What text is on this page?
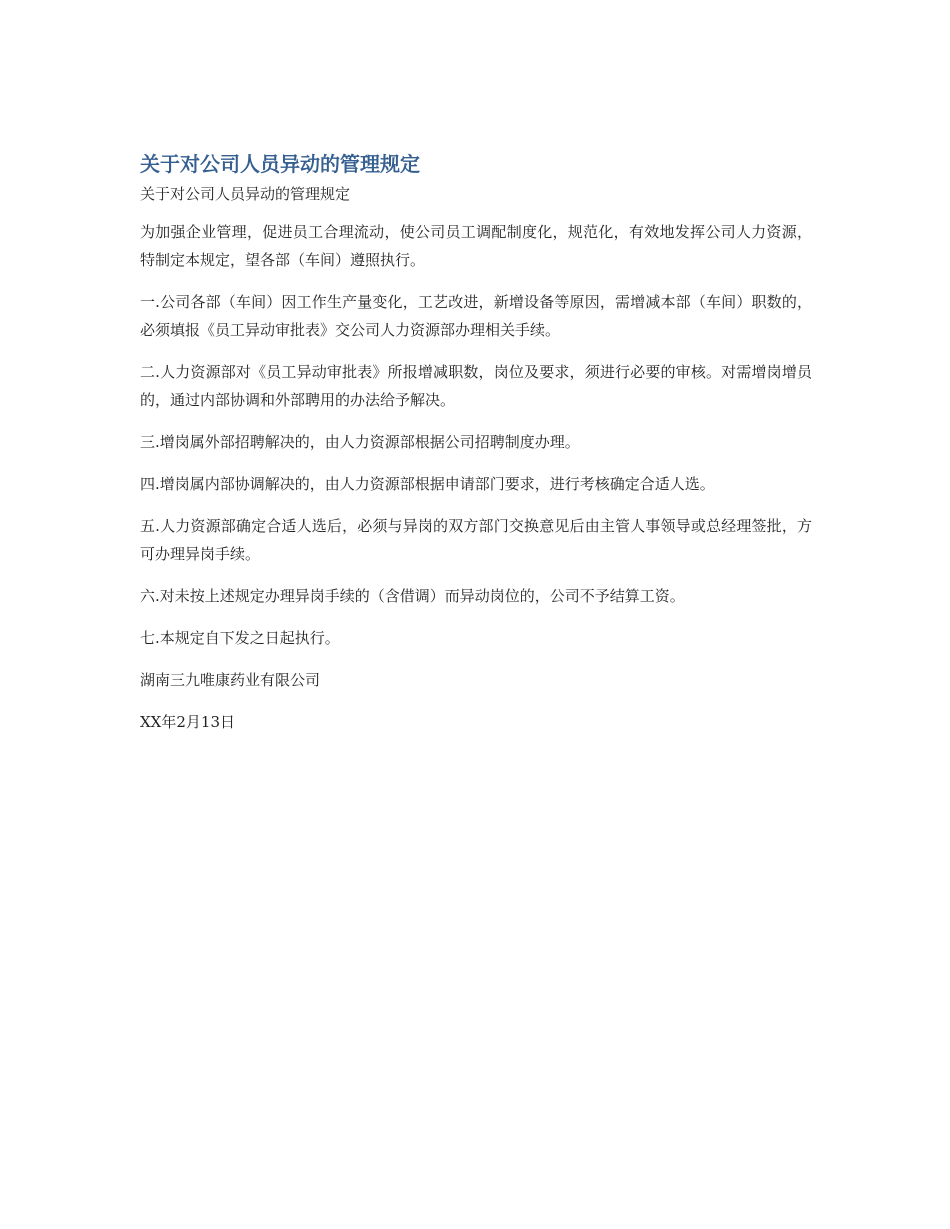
关于对公司人员异动的管理规定
关于对公司人员异动的管理规定

为加强企业管理，促进员工合理流动，使公司员工调配制度化，规范化，有效地发挥公司人力资源，特制定本规定，望各部（车间）遵照执行。

一.公司各部（车间）因工作生产量变化，工艺改进，新增设备等原因，需增减本部（车间）职数的，必须填报《员工异动审批表》交公司人力资源部办理相关手续。

二.人力资源部对《员工异动审批表》所报增减职数，岗位及要求，须进行必要的审核。对需增岗增员的，通过内部协调和外部聘用的办法给予解决。

三.增岗属外部招聘解决的，由人力资源部根据公司招聘制度办理。

四.增岗属内部协调解决的，由人力资源部根据申请部门要求，进行考核确定合适人选。

五.人力资源部确定合适人选后，必须与异岗的双方部门交换意见后由主管人事领导或总经理签批，方可办理异岗手续。

六.对未按上述规定办理异岗手续的（含借调）而异动岗位的，公司不予结算工资。

七.本规定自下发之日起执行。

湖南三九唯康药业有限公司

XX年2月13日
